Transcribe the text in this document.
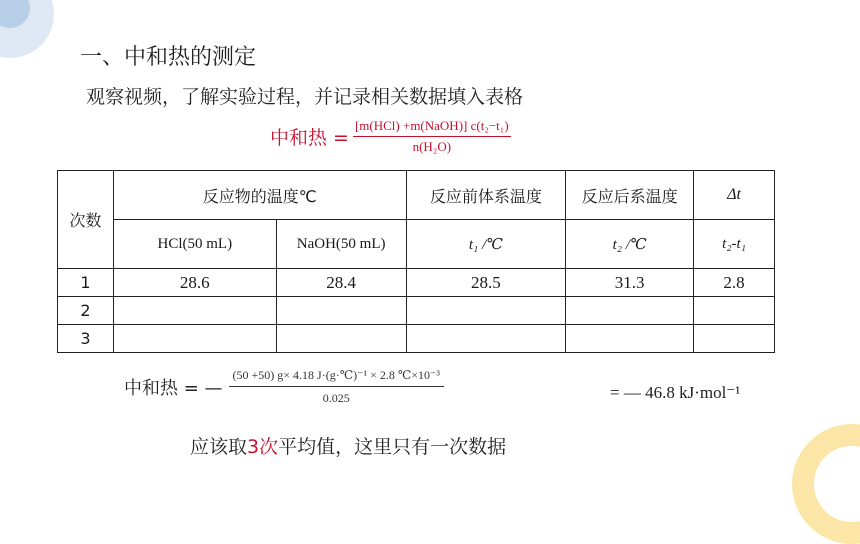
一、中和热的测定
观察视频，了解实验过程，并记录相关数据填入表格
中和热 = $\frac{\text{[m(HCl) +m(NaOH)] c(t₂−t₁)}}{\text{n(H₂O)}}$
次数	反应物的温度℃		反应前体系温度	反应后系温度	Δt
	HCl(50 mL)	NaOH(50 mL)	t₁ /℃	t₂ /℃	t₂-t₁
1	28.6	28.4	28.5	31.3	2.8
2					
3					
中和热 = — $\frac{\text{(50 +50) g× 4.18 J·(g·℃)⁻¹ × 2.8 ℃×10⁻³}}{0.025}$	= — 46.8 kJ·mol⁻¹
应该取3次平均值，这里只有一次数据
